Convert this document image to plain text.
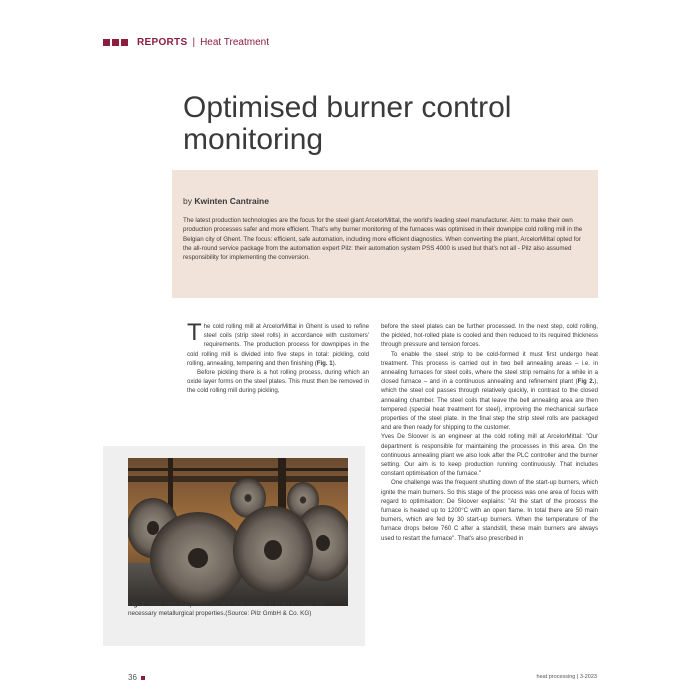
REPORTS | Heat Treatment
Optimised burner control
monitoring
by Kwinten Cantraine
The latest production technologies are the focus for the steel giant ArcelorMittal, the world's leading steel manufacturer. Aim: to make their own production processes safer and more efficient. That's why burner monitoring of the furnaces was optimised in their downpipe cold rolling mill in the Belgian city of Ghent. The focus: efficient, safe automation, including more efficient diagnostics. When converting the plant, ArcelorMittal opted for the all-round service package from the automation expert Pilz: their automation system PSS 4000 is used but that's not all - Pilz also assumed responsibility for implementing the conversion.

The cold rolling mill at ArcelorMittal in Ghent is used to refine steel coils (strip steel rolls) in accordance with customers' requirements. The production process for downpipes in the cold rolling mill is divided into five steps in total: pickling, cold rolling, annealing, tempering and then finishing (Fig. 1).

Before pickling there is a hot rolling process, during which an oxide layer forms on the steel plates. This must then be removed in the cold rolling mill during pickling,

before the steel plates can be further processed. In the next step, cold rolling, the pickled, hot-rolled plate is cooled and then reduced to its required thickness through pressure and tension forces.

To enable the steel strip to be cold-formed it must first undergo heat treatment. This process is carried out in two bell annealing areas – i.e. in annealing furnaces for steel coils, where the steel strip remains for a while in a closed furnace – and in a continuous annealing and refinement plant (Fig 2.), which the steel coil passes through relatively quickly, in contrast to the closed annealing chamber. The steel coils that leave the bell annealing area are then tempered (special heat treatment for steel), improving the mechanical surface properties of the steel plate. In the final step the strip steel rolls are packaged and are then ready for shipping to the customer.

Yves De Sloover is an engineer at the cold rolling mill at ArcelorMittal: "Our department is responsible for maintaining the processes in this area. On the continuous annealing plant we also look after the PLC controller and the burner setting. Our aim is to keep production running continuously. That includes constant optimisation of the furnace."

One challenge was the frequent shutting down of the start-up burners, which ignite the main burners. So this stage of the process was one area of focus with regard to optimisation: De Sloover explains: "At the start of the process the furnace is heated up to 1200°C with an open flame. In total there are 50 main burners, which are fed by 30 start-up burners. When the temperature of the furnace drops below 760 C after a standstill, these main burners are always used to restart the furnace". That's also prescribed in

Fig. 1: Steel coils are processed and heat-treated in order to retain the necessary metallurgical properties.(Source: Pilz GmbH & Co. KG)
36	heat processing | 3-2023
